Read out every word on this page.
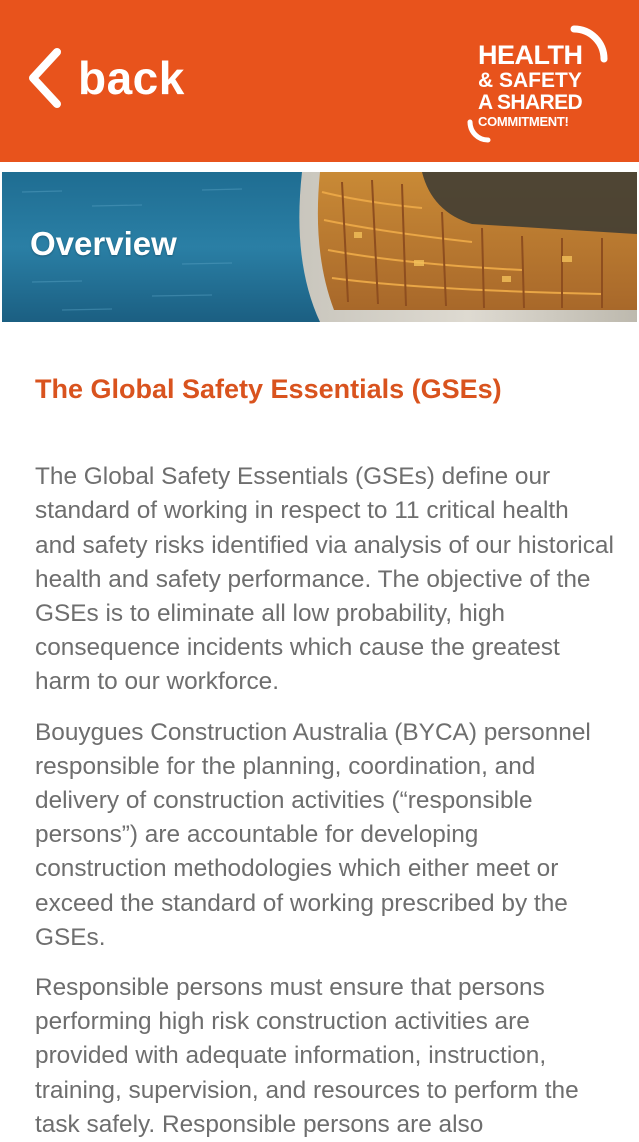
back	HEALTH
& SAFETY
A SHARED
COMMITMENT!
Overview
The Global Safety Essentials (GSEs)

The Global Safety Essentials (GSEs) define our standard of working in respect to 11 critical health and safety risks identified via analysis of our historical health and safety performance. The objective of the GSEs is to eliminate all low probability, high consequence incidents which cause the greatest harm to our workforce.

Bouygues Construction Australia (BYCA) personnel responsible for the planning, coordination, and delivery of construction activities (“responsible persons”) are accountable for developing construction methodologies which either meet or exceed the standard of working prescribed by the GSEs.

Responsible persons must ensure that persons performing high risk construction activities are provided with adequate information, instruction, training, supervision, and resources to perform the task safely. Responsible persons are also
